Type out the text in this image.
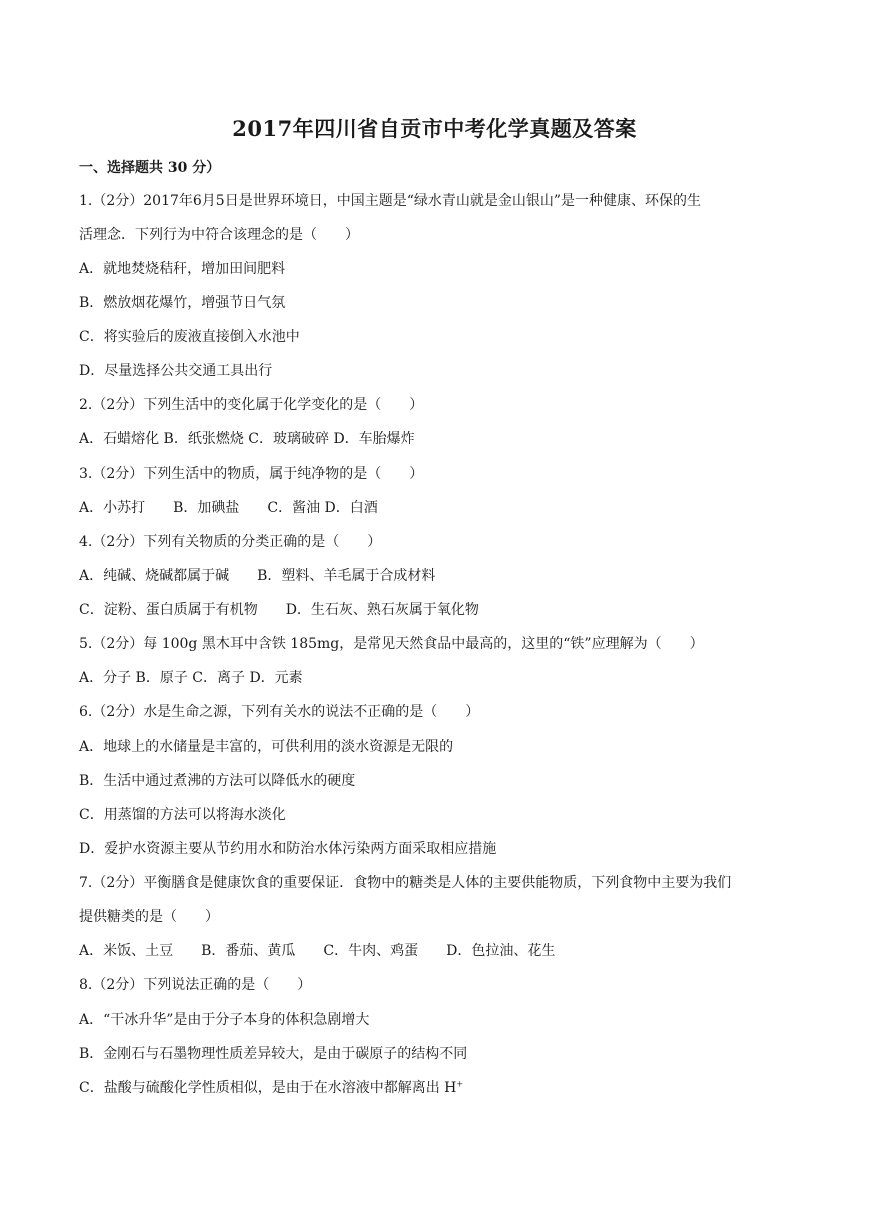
2017年四川省自贡市中考化学真题及答案
一、选择题共 30 分）
1.（2分）2017年6月5日是世界环境日，中国主题是“绿水青山就是金山银山”是一种健康、环保的生
活理念．下列行为中符合该理念的是（　　）
A．就地焚烧秸秆，增加田间肥料
B．燃放烟花爆竹，增强节日气氛
C．将实验后的废液直接倒入水池中
D．尽量选择公共交通工具出行
2.（2分）下列生活中的变化属于化学变化的是（　　）
A．石蜡熔化 B．纸张燃烧 C．玻璃破碎 D．车胎爆炸
3.（2分）下列生活中的物质，属于纯净物的是（　　）
A．小苏打　　B．加碘盐　　C．酱油 D．白酒
4.（2分）下列有关物质的分类正确的是（　　）
A．纯碱、烧碱都属于碱　　B．塑料、羊毛属于合成材料
C．淀粉、蛋白质属于有机物　　D．生石灰、熟石灰属于氧化物
5.（2分）每 100g 黑木耳中含铁 185mg，是常见天然食品中最高的，这里的“铁”应理解为（　　）
A．分子 B．原子 C．离子 D．元素
6.（2分）水是生命之源，下列有关水的说法不正确的是（　　）
A．地球上的水储量是丰富的，可供利用的淡水资源是无限的
B．生活中通过煮沸的方法可以降低水的硬度
C．用蒸馏的方法可以将海水淡化
D．爱护水资源主要从节约用水和防治水体污染两方面采取相应措施
7.（2分）平衡膳食是健康饮食的重要保证．食物中的糖类是人体的主要供能物质，下列食物中主要为我们
提供糖类的是（　　）
A．米饭、土豆　　B．番茄、黄瓜　　C．牛肉、鸡蛋　　D．色拉油、花生
8.（2分）下列说法正确的是（　　）
A．“干冰升华”是由于分子本身的体积急剧增大
B．金刚石与石墨物理性质差异较大，是由于碳原子的结构不同
C．盐酸与硫酸化学性质相似，是由于在水溶液中都解离出 H+
